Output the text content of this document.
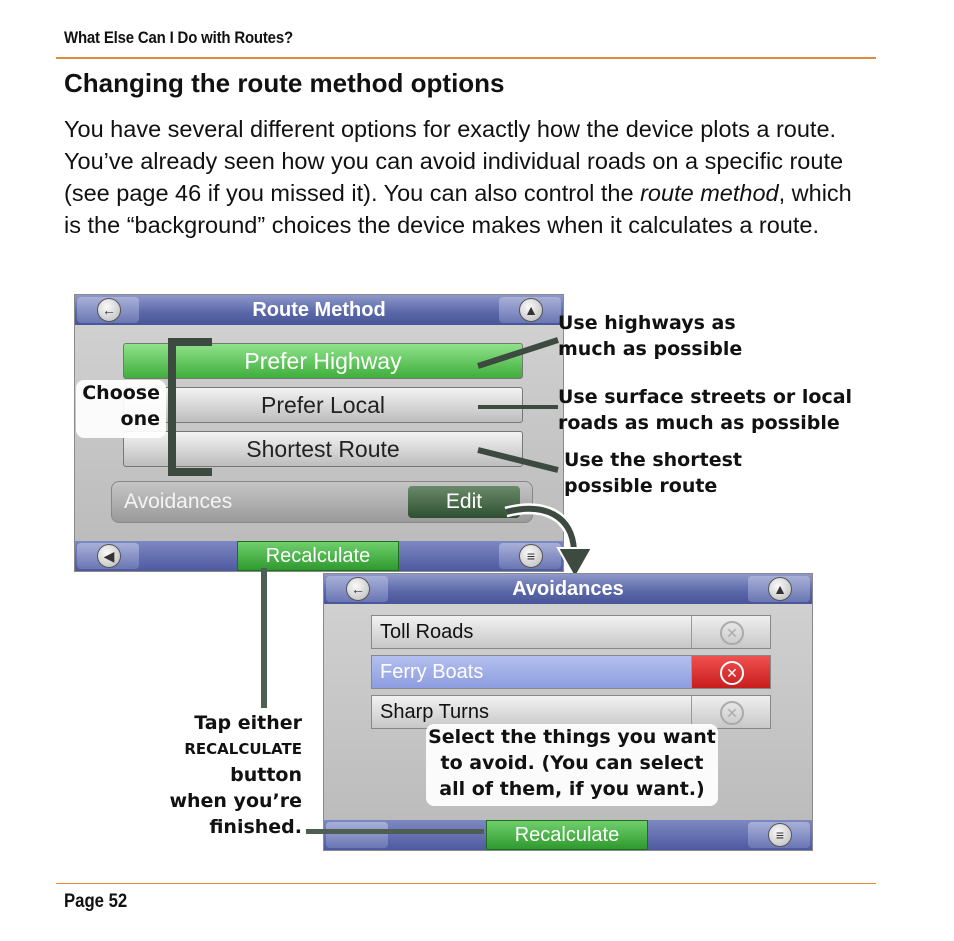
What Else Can I Do with Routes?
Changing the route method options

You have several different options for exactly how the device plots a route. You’ve already seen how you can avoid individual roads on a specific route (see page 46 if you missed it). You can also control the route method, which is the “background” choices the device makes when it calculates a route.

←	Route Method	▲
Prefer Highway
Prefer Local
Shortest Route
Avoidances	Edit
◀	Recalculate	≡
Choose
one
Use highways as
much as possible
Use surface streets or local
roads as much as possible
Use the shortest
possible route
←	Avoidances	▲
Toll Roads	✕
Ferry Boats	✕
Sharp Turns	✕
Recalculate	≡
Select the things you want
to avoid. (You can select
all of them, if you want.)
Tap either
RECALCULATE
button
when you’re
finished.
Page 52
